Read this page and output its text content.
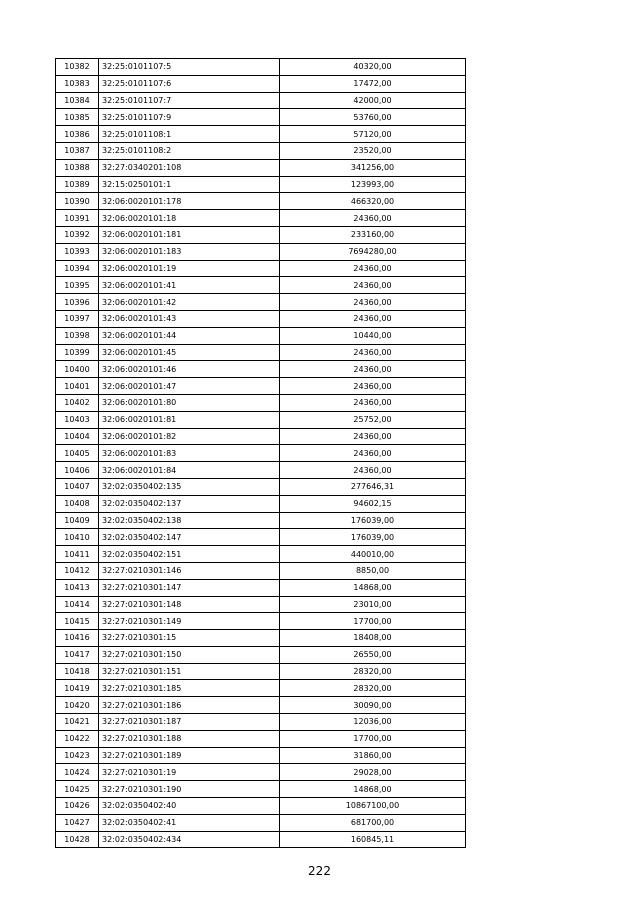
10382	32:25:0101107:5	40320,00
10383	32:25:0101107:6	17472,00
10384	32:25:0101107:7	42000,00
10385	32:25:0101107:9	53760,00
10386	32:25:0101108:1	57120,00
10387	32:25:0101108:2	23520,00
10388	32:27:0340201:108	341256,00
10389	32:15:0250101:1	123993,00
10390	32:06:0020101:178	466320,00
10391	32:06:0020101:18	24360,00
10392	32:06:0020101:181	233160,00
10393	32:06:0020101:183	7694280,00
10394	32:06:0020101:19	24360,00
10395	32:06:0020101:41	24360,00
10396	32:06:0020101:42	24360,00
10397	32:06:0020101:43	24360,00
10398	32:06:0020101:44	10440,00
10399	32:06:0020101:45	24360,00
10400	32:06:0020101:46	24360,00
10401	32:06:0020101:47	24360,00
10402	32:06:0020101:80	24360,00
10403	32:06:0020101:81	25752,00
10404	32:06:0020101:82	24360,00
10405	32:06:0020101:83	24360,00
10406	32:06:0020101:84	24360,00
10407	32:02:0350402:135	277646,31
10408	32:02:0350402:137	94602,15
10409	32:02:0350402:138	176039,00
10410	32:02:0350402:147	176039,00
10411	32:02:0350402:151	440010,00
10412	32:27:0210301:146	8850,00
10413	32:27:0210301:147	14868,00
10414	32:27:0210301:148	23010,00
10415	32:27:0210301:149	17700,00
10416	32:27:0210301:15	18408,00
10417	32:27:0210301:150	26550,00
10418	32:27:0210301:151	28320,00
10419	32:27:0210301:185	28320,00
10420	32:27:0210301:186	30090,00
10421	32:27:0210301:187	12036,00
10422	32:27:0210301:188	17700,00
10423	32:27:0210301:189	31860,00
10424	32:27:0210301:19	29028,00
10425	32:27:0210301:190	14868,00
10426	32:02:0350402:40	10867100,00
10427	32:02:0350402:41	681700,00
10428	32:02:0350402:434	160845,11
222
